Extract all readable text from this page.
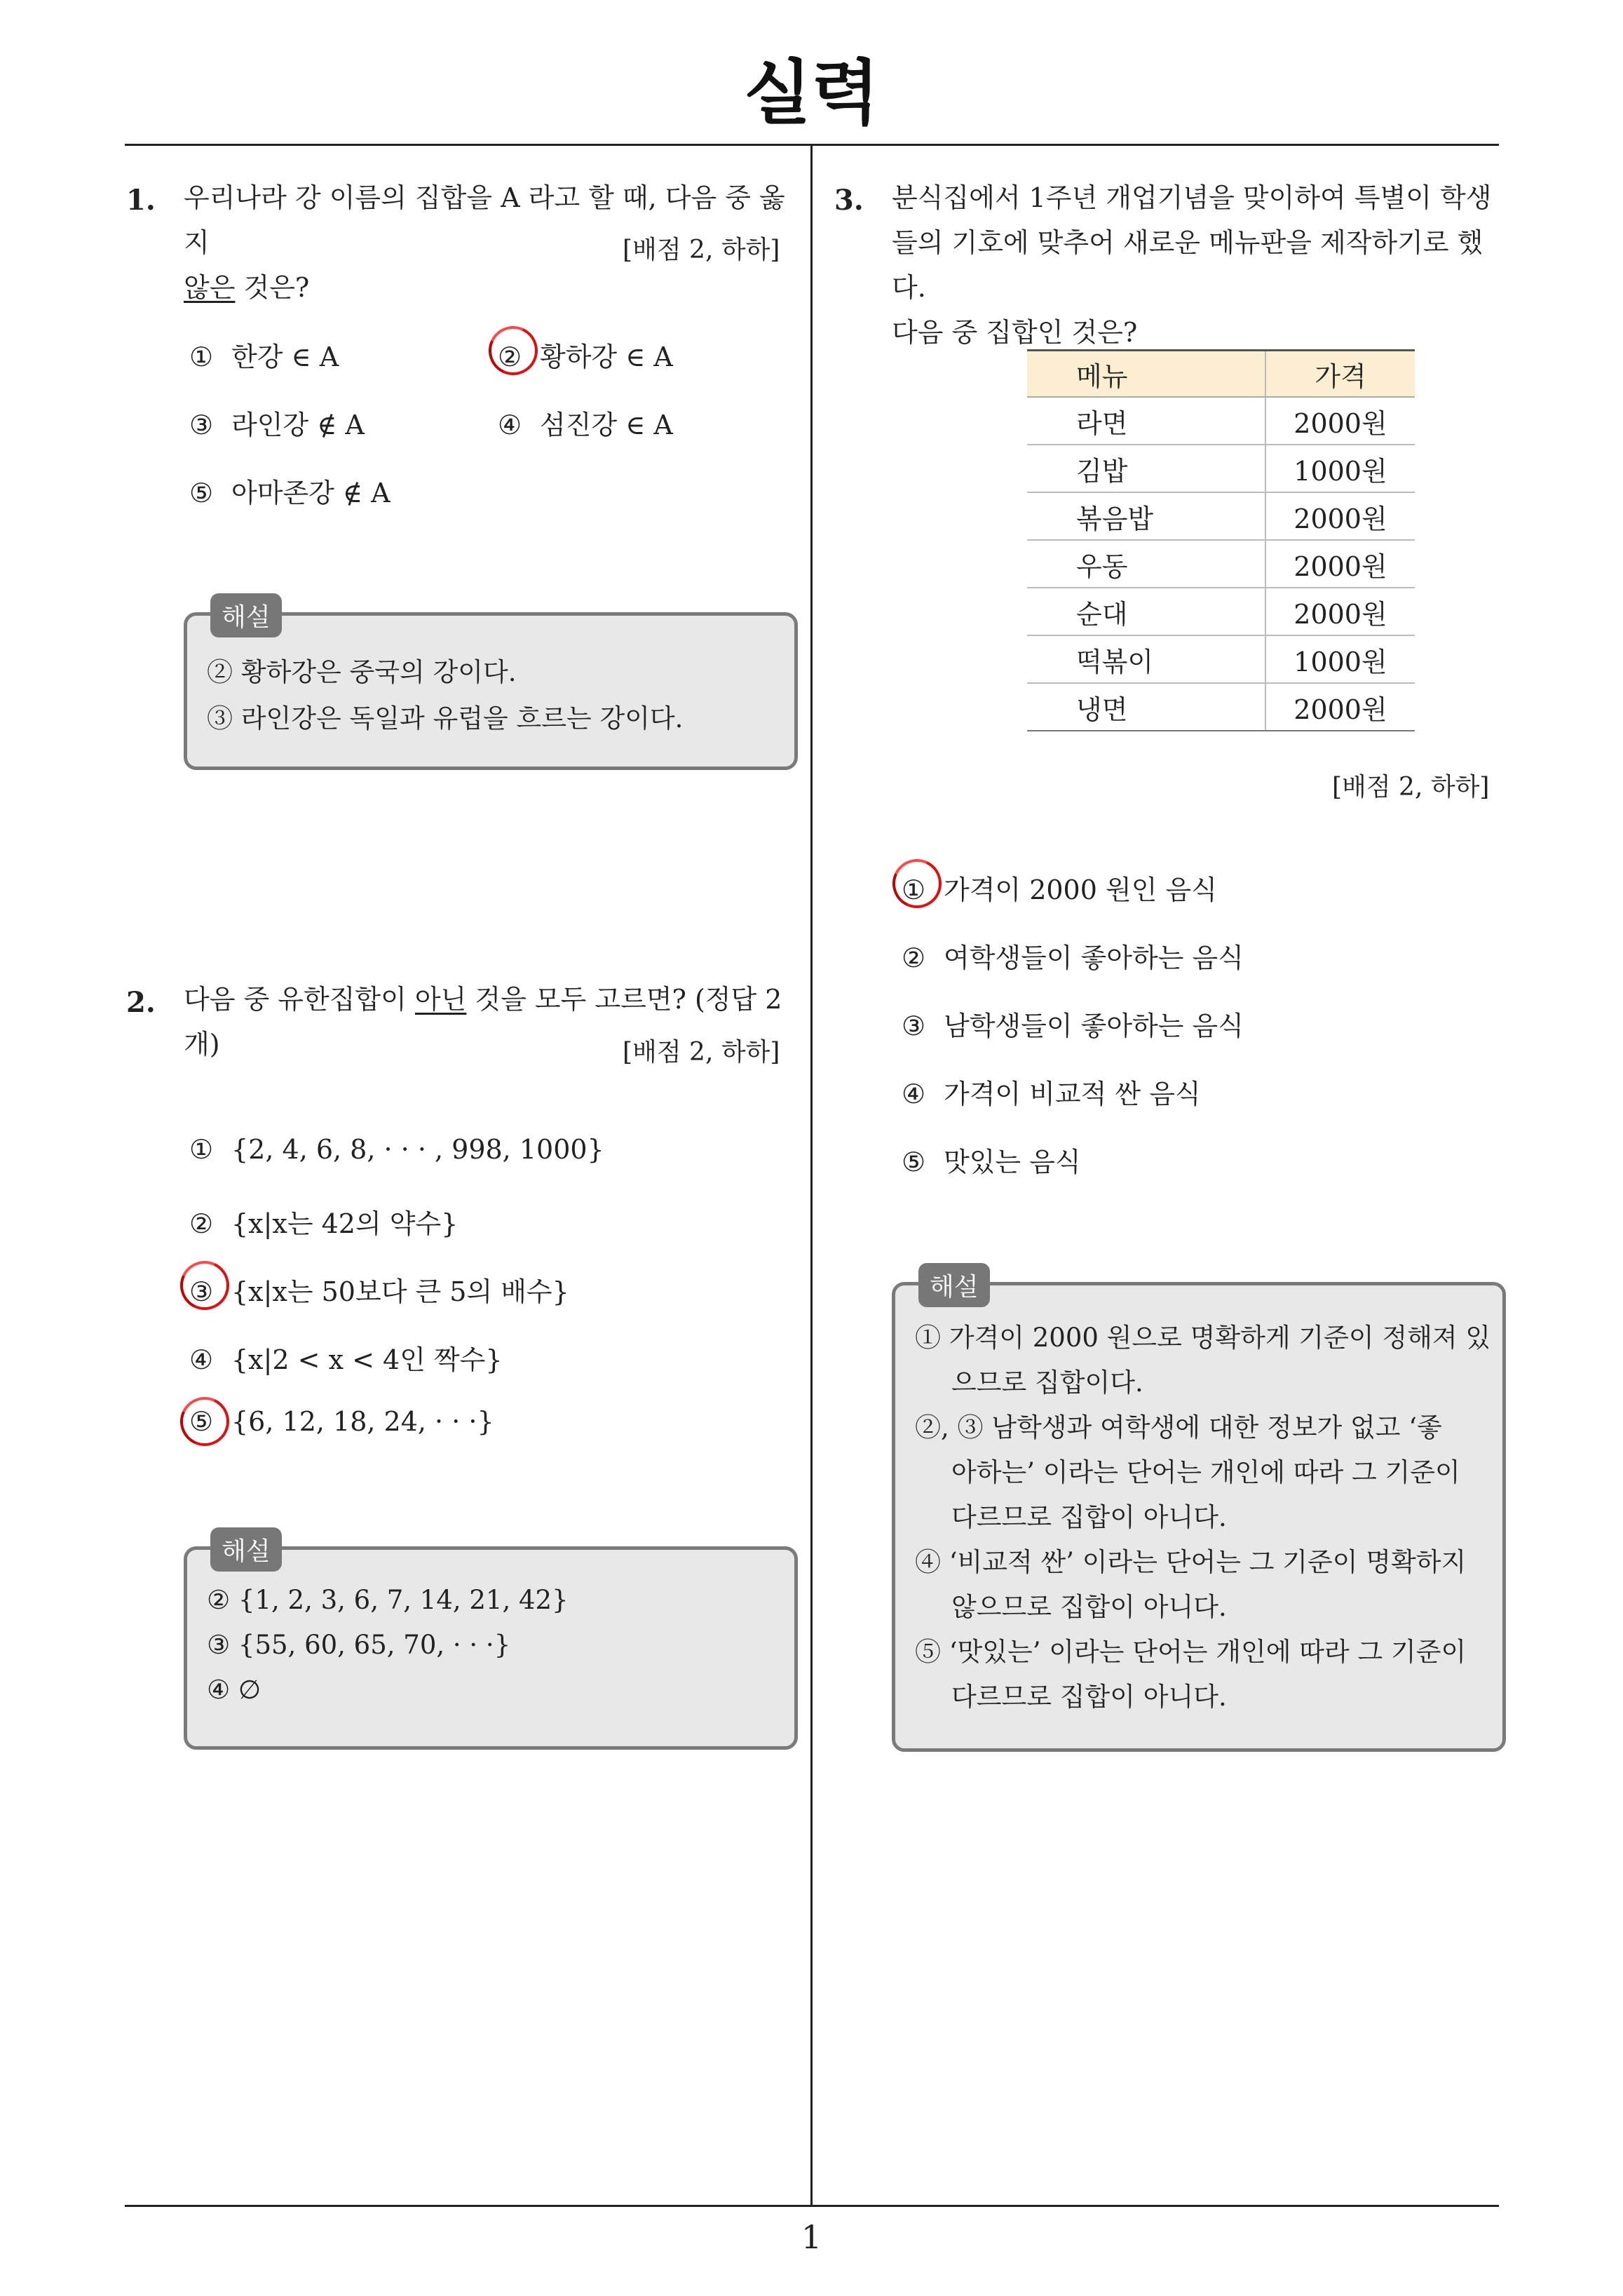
실력
1
1. 우리나라 강 이름의 집합을 A 라고 할 때, 다음 중 옳지
않은 것은?
[배점 2, 하하]
① 한강 ∈ A	② 황하강 ∈ A
③ 라인강 ∉ A	④ 섬진강 ∈ A
⑤ 아마존강 ∉ A
② 황하강은 중국의 강이다.
③ 라인강은 독일과 유럽을 흐르는 강이다.
해설
2. 다음 중 유한집합이 아닌 것을 모두 고르면? (정답 2
개)	[배점 2, 하하]
① {2, 4, 6, 8, · · · , 998, 1000}
② {x|x는 42의 약수}
③ {x|x는 50보다 큰 5의 배수}
④ {x|2 < x < 4인 짝수}
⑤ {6, 12, 18, 24, · · ·}
② {1, 2, 3, 6, 7, 14, 21, 42}
③ {55, 60, 65, 70, · · ·}
④ ∅
해설
3. 분식집에서 1주년 개업기념을 맞이하여 특별이 학생
들의 기호에 맞추어 새로운 메뉴판을 제작하기로 했다.
다음 중 집합인 것은?
메뉴	가격
라면	2000원
김밥	1000원
볶음밥	2000원
우동	2000원
순대	2000원
떡볶이	1000원
냉면	2000원
[배점 2, 하하]
① 가격이 2000 원인 음식
② 여학생들이 좋아하는 음식
③ 남학생들이 좋아하는 음식
④ 가격이 비교적 싼 음식
⑤ 맛있는 음식
① 가격이 2000 원으로 명확하게 기준이 정해져 있
으므로 집합이다.
②, ③ 남학생과 여학생에 대한 정보가 없고 ‘좋
아하는’ 이라는 단어는 개인에 따라 그 기준이
다르므로 집합이 아니다.
④ ‘비교적 싼’ 이라는 단어는 그 기준이 명확하지
않으므로 집합이 아니다.
⑤ ‘맛있는’ 이라는 단어는 개인에 따라 그 기준이
다르므로 집합이 아니다.
해설
